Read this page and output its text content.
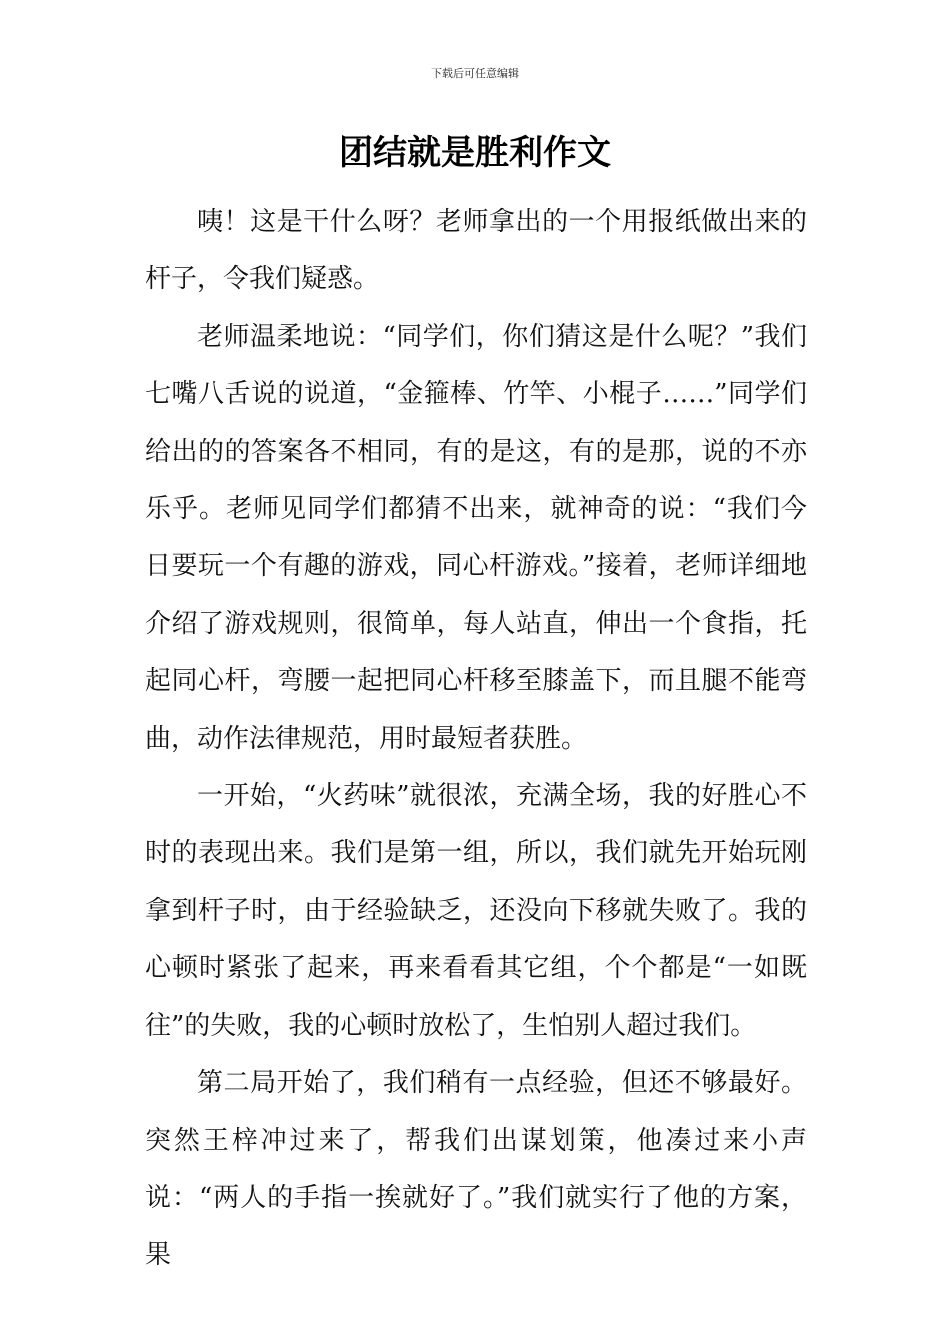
下载后可任意编辑
团结就是胜利作文

咦！这是干什么呀？老师拿出的一个用报纸做出来的杆子，令我们疑惑。

老师温柔地说：“同学们，你们猜这是什么呢？”我们七嘴八舌说的说道，“金箍棒、竹竿、小棍子……”同学们给出的的答案各不相同，有的是这，有的是那，说的不亦乐乎。老师见同学们都猜不出来，就神奇的说：“我们今日要玩一个有趣的游戏，同心杆游戏。”接着，老师详细地介绍了游戏规则，很简单，每人站直，伸出一个食指，托起同心杆，弯腰一起把同心杆移至膝盖下，而且腿不能弯曲，动作法律规范，用时最短者获胜。

一开始，“火药味”就很浓，充满全场，我的好胜心不时的表现出来。我们是第一组，所以，我们就先开始玩刚拿到杆子时，由于经验缺乏，还没向下移就失败了。我的心顿时紧张了起来，再来看看其它组，个个都是“一如既往”的失败，我的心顿时放松了，生怕别人超过我们。

第二局开始了，我们稍有一点经验，但还不够最好。突然王梓冲过来了，帮我们出谋划策，他凑过来小声说：“两人的手指一挨就好了。”我们就实行了他的方案，果
